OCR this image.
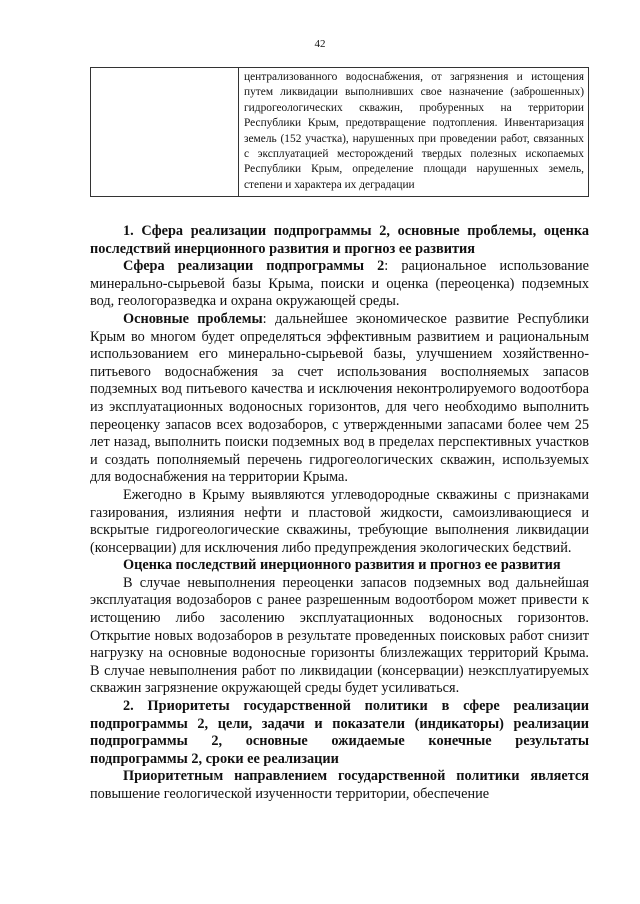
42

централизованного водоснабжения, от загрязнения и истощения путем ликвидации выполнивших свое назначение (заброшенных) гидрогеологических скважин, пробуренных на территории Республики Крым, предотвращение подтопления. Инвентаризация земель (152 участка), нарушенных при проведении работ, связанных с эксплуатацией месторождений твердых полезных ископаемых Республики Крым, определение площади нарушенных земель, степени и характера их деградации

1. Сфера реализации подпрограммы 2, основные проблемы, оценка последствий инерционного развития и прогноз ее развития

Сфера реализации подпрограммы 2: рациональное использование минерально-сырьевой базы Крыма, поиски и оценка (переоценка) подземных вод, геологоразведка и охрана окружающей среды.

Основные проблемы: дальнейшее экономическое развитие Республики Крым во многом будет определяться эффективным развитием и рациональным использованием его минерально-сырьевой базы, улучшением хозяйственно-питьевого водоснабжения за счет использования восполняемых запасов подземных вод питьевого качества и исключения неконтролируемого водоотбора из эксплуатационных водоносных горизонтов, для чего необходимо выполнить переоценку запасов всех водозаборов, с утвержденными запасами более чем 25 лет назад, выполнить поиски подземных вод в пределах перспективных участков и создать пополняемый перечень гидрогеологических скважин, используемых для водоснабжения на территории Крыма.

Ежегодно в Крыму выявляются углеводородные скважины с признаками газирования, излияния нефти и пластовой жидкости, самоизливающиеся и вскрытые гидрогеологические скважины, требующие выполнения ликвидации (консервации) для исключения либо предупреждения экологических бедствий.

Оценка последствий инерционного развития и прогноз ее развития

В случае невыполнения переоценки запасов подземных вод дальнейшая эксплуатация водозаборов с ранее разрешенным водоотбором может привести к истощению либо засолению эксплуатационных водоносных горизонтов. Открытие новых водозаборов в результате проведенных поисковых работ снизит нагрузку на основные водоносные горизонты близлежащих территорий Крыма. В случае невыполнения работ по ликвидации (консервации) неэксплуатируемых скважин загрязнение окружающей среды будет усиливаться.

2. Приоритеты государственной политики в сфере реализации подпрограммы 2, цели, задачи и показатели (индикаторы) реализации подпрограммы 2, основные ожидаемые конечные результаты подпрограммы 2, сроки ее реализации

Приоритетным направлением государственной политики является повышение геологической изученности территории, обеспечение
